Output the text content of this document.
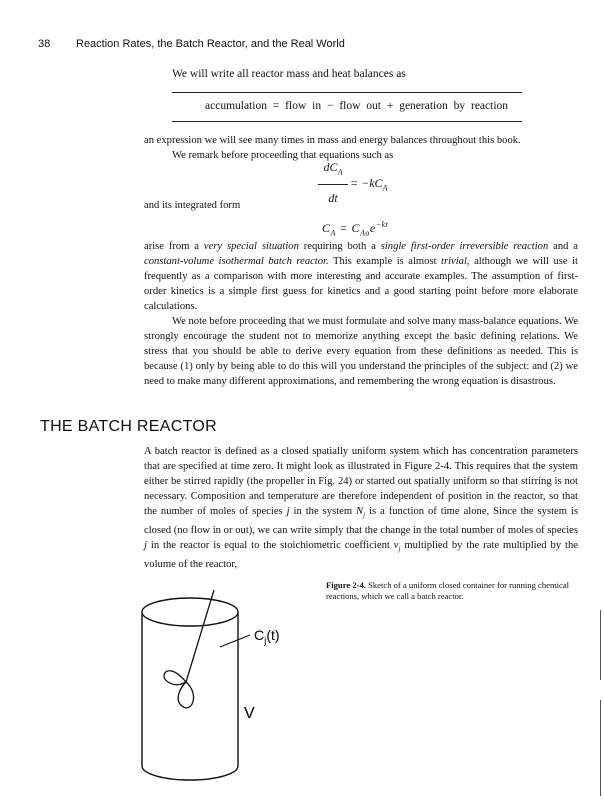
38 Reaction Rates, the Batch Reactor, and the Real World

We will write all reactor mass and heat balances as

accumulation = flow in − flow out + generation by reaction

an expression we will see many times in mass and energy balances throughout this book.

We remark before proceeding that equations such as

$dC_A$
dt
= $-kC_A$

and its integrated form

$C_A = C_{Ao}e^{-kt}$

arise from a very special situation requiring both a single first-order irreversible reaction and a constant-volume isothermal batch reactor. This example is almost trivial, although we will use it frequently as a comparison with more interesting and accurate examples. The assumption of first-order kinetics is a simple first guess for kinetics and a good starting point before more elaborate calculations.

We note before proceeding that we must formulate and solve many mass-balance equations. We strongly encourage the student not to memorize anything except the basic defining relations. We stress that you should be able to derive every equation from these definitions as needed. This is because (1) only by being able to do this will you understand the principles of the subject: and (2) we need to make many different approximations, and remembering the wrong equation is disastrous.

THE BATCH REACTOR

A batch reactor is defined as a closed spatially uniform system which has concentration parameters that are specified at time zero. It might look as illustrated in Figure 2-4. This requires that the system either be stirred rapidly (the propeller in Fig. 24) or started out spatially uniform so that stirring is not necessary. Composition and temperature are therefore independent of position in the reactor, so that the number of moles of species j in the system $N_j$ is a function of time alone, Since the system is closed (no flow in or out), we can write simply that the change in the total number of moles of species j in the reactor is equal to the stoichiometric coefficient $\nu_j$ multiplied by the rate multiplied by the volume of the reactor,

Figure 2-4. Sketch of a uniform closed container for running chemical reactions, which we call a batch reactor.

$C_j(t)$
V
